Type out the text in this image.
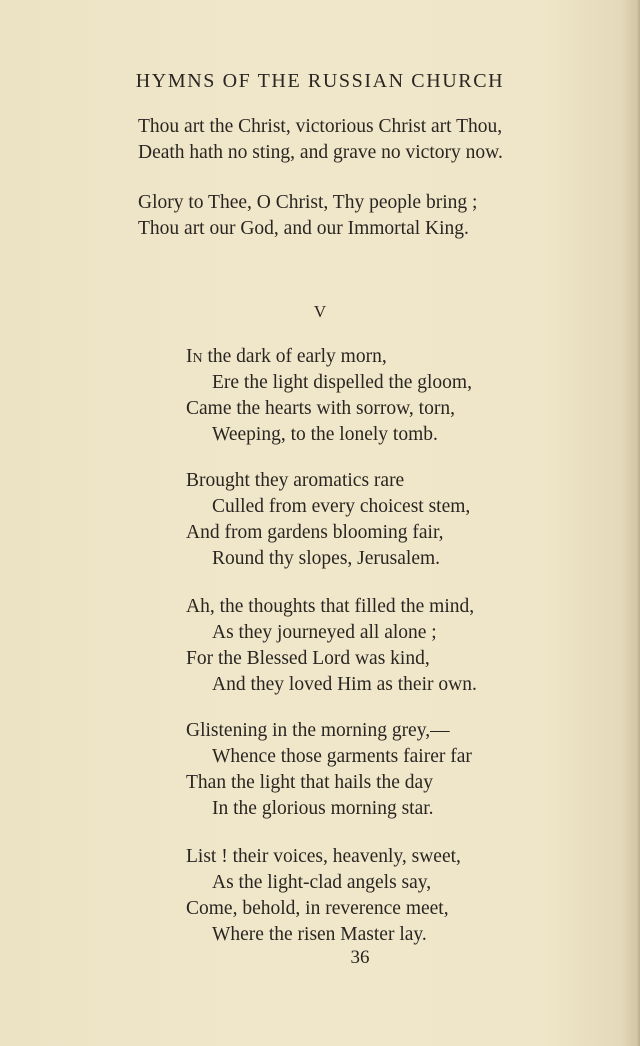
HYMNS OF THE RUSSIAN CHURCH
Thou art the Christ, victorious Christ art Thou,
Death hath no sting, and grave no victory now.
Glory to Thee, O Christ, Thy people bring ;
Thou art our God, and our Immortal King.
V
In the dark of early morn,
Ere the light dispelled the gloom,
Came the hearts with sorrow, torn,
Weeping, to the lonely tomb.
Brought they aromatics rare
Culled from every choicest stem,
And from gardens blooming fair,
Round thy slopes, Jerusalem.
Ah, the thoughts that filled the mind,
As they journeyed all alone ;
For the Blessed Lord was kind,
And they loved Him as their own.
Glistening in the morning grey,—
Whence those garments fairer far
Than the light that hails the day
In the glorious morning star.
List ! their voices, heavenly, sweet,
As the light-clad angels say,
Come, behold, in reverence meet,
Where the risen Master lay.
36
